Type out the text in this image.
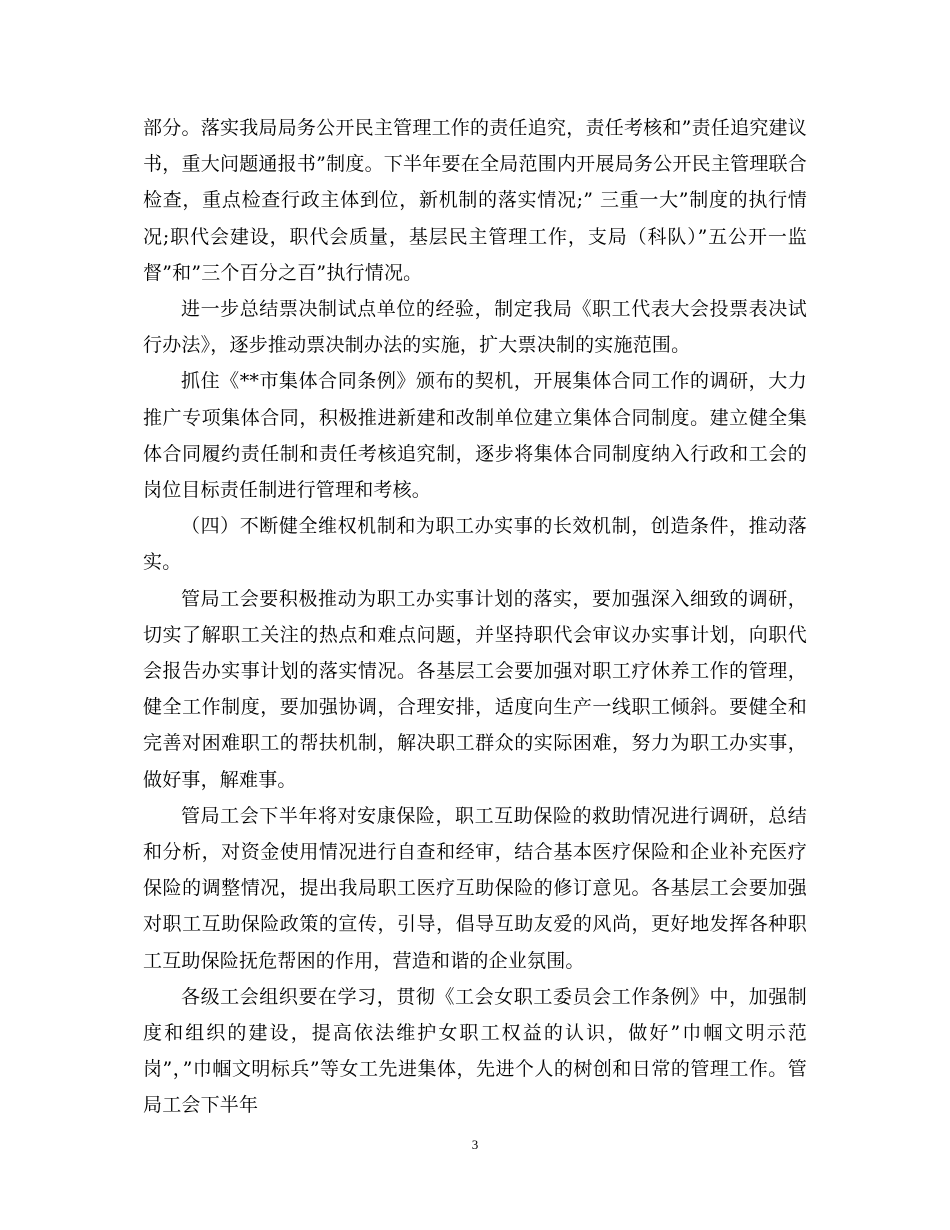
部分。落实我局局务公开民主管理工作的责任追究，责任考核和”责任追究建议书，重大问题通报书”制度。下半年要在全局范围内开展局务公开民主管理联合检查，重点检查行政主体到位，新机制的落实情况;” 三重一大”制度的执行情况;职代会建设，职代会质量，基层民主管理工作，支局（科队）”五公开一监督”和”三个百分之百”执行情况。

进一步总结票决制试点单位的经验，制定我局《职工代表大会投票表决试行办法》，逐步推动票决制办法的实施，扩大票决制的实施范围。

抓住《**市集体合同条例》颁布的契机，开展集体合同工作的调研，大力推广专项集体合同，积极推进新建和改制单位建立集体合同制度。建立健全集体合同履约责任制和责任考核追究制，逐步将集体合同制度纳入行政和工会的岗位目标责任制进行管理和考核。

（四）不断健全维权机制和为职工办实事的长效机制，创造条件，推动落实。

管局工会要积极推动为职工办实事计划的落实，要加强深入细致的调研，切实了解职工关注的热点和难点问题，并坚持职代会审议办实事计划，向职代会报告办实事计划的落实情况。各基层工会要加强对职工疗休养工作的管理，健全工作制度，要加强协调，合理安排，适度向生产一线职工倾斜。要健全和完善对困难职工的帮扶机制，解决职工群众的实际困难，努力为职工办实事，做好事，解难事。

管局工会下半年将对安康保险，职工互助保险的救助情况进行调研，总结和分析，对资金使用情况进行自查和经审，结合基本医疗保险和企业补充医疗保险的调整情况，提出我局职工医疗互助保险的修订意见。各基层工会要加强对职工互助保险政策的宣传，引导，倡导互助友爱的风尚，更好地发挥各种职工互助保险抚危帮困的作用，营造和谐的企业氛围。

各级工会组织要在学习，贯彻《工会女职工委员会工作条例》中，加强制度和组织的建设，提高依法维护女职工权益的认识，做好”巾帼文明示范岗”，”巾帼文明标兵”等女工先进集体，先进个人的树创和日常的管理工作。管局工会下半年

3
